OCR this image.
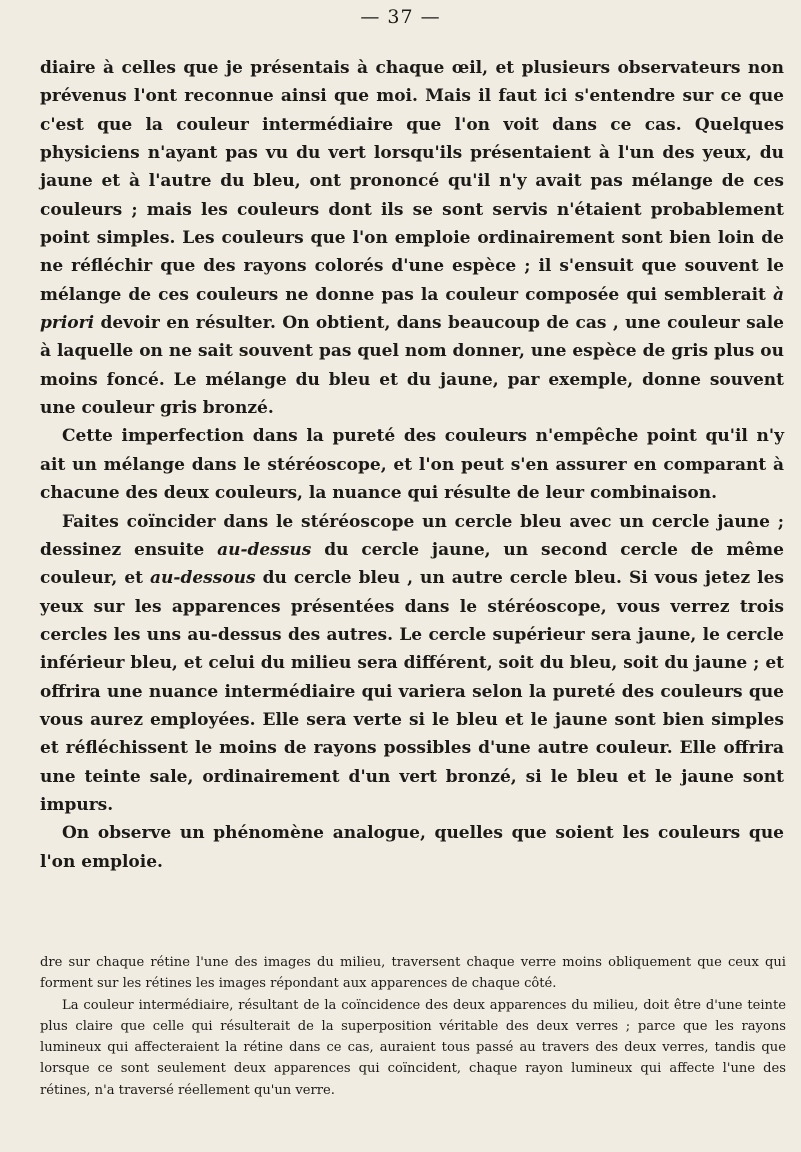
— 37 —

diaire à celles que je présentais à chaque œil, et plusieurs observateurs non prévenus l'ont reconnue ainsi que moi. Mais il faut ici s'entendre sur ce que c'est que la couleur intermédiaire que l'on voit dans ce cas. Quelques physiciens n'ayant pas vu du vert lorsqu'ils présentaient à l'un des yeux, du jaune et à l'autre du bleu, ont prononcé qu'il n'y avait pas mélange de ces couleurs ; mais les couleurs dont ils se sont servis n'étaient probablement point simples. Les couleurs que l'on emploie ordinairement sont bien loin de ne réfléchir que des rayons colorés d'une espèce ; il s'ensuit que souvent le mélange de ces couleurs ne donne pas la couleur composée qui semblerait à priori devoir en résulter. On obtient, dans beaucoup de cas , une couleur sale à laquelle on ne sait souvent pas quel nom donner, une espèce de gris plus ou moins foncé. Le mélange du bleu et du jaune, par exemple, donne souvent une couleur gris bronzé.

Cette imperfection dans la pureté des couleurs n'empêche point qu'il n'y ait un mélange dans le stéréoscope, et l'on peut s'en assurer en comparant à chacune des deux couleurs, la nuance qui résulte de leur combinaison.

Faites coïncider dans le stéréoscope un cercle bleu avec un cercle jaune ; dessinez ensuite au-dessus du cercle jaune, un second cercle de même couleur, et au-dessous du cercle bleu , un autre cercle bleu. Si vous jetez les yeux sur les apparences présentées dans le stéréoscope, vous verrez trois cercles les uns au-dessus des autres. Le cercle supérieur sera jaune, le cercle inférieur bleu, et celui du milieu sera différent, soit du bleu, soit du jaune ; et offrira une nuance intermédiaire qui variera selon la pureté des couleurs que vous aurez employées. Elle sera verte si le bleu et le jaune sont bien simples et réfléchissent le moins de rayons possibles d'une autre couleur. Elle offrira une teinte sale, ordinairement d'un vert bronzé, si le bleu et le jaune sont impurs.

On observe un phénomène analogue, quelles que soient les couleurs que l'on emploie.

dre sur chaque rétine l'une des images du milieu, traversent chaque verre moins obliquement que ceux qui forment sur les rétines les images répondant aux apparences de chaque côté.

La couleur intermédiaire, résultant de la coïncidence des deux apparences du milieu, doit être d'une teinte plus claire que celle qui résulterait de la superposition véritable des deux verres ; parce que les rayons lumineux qui affecteraient la rétine dans ce cas, auraient tous passé au travers des deux verres, tandis que lorsque ce sont seulement deux apparences qui coïncident, chaque rayon lumineux qui affecte l'une des rétines, n'a traversé réellement qu'un verre.
